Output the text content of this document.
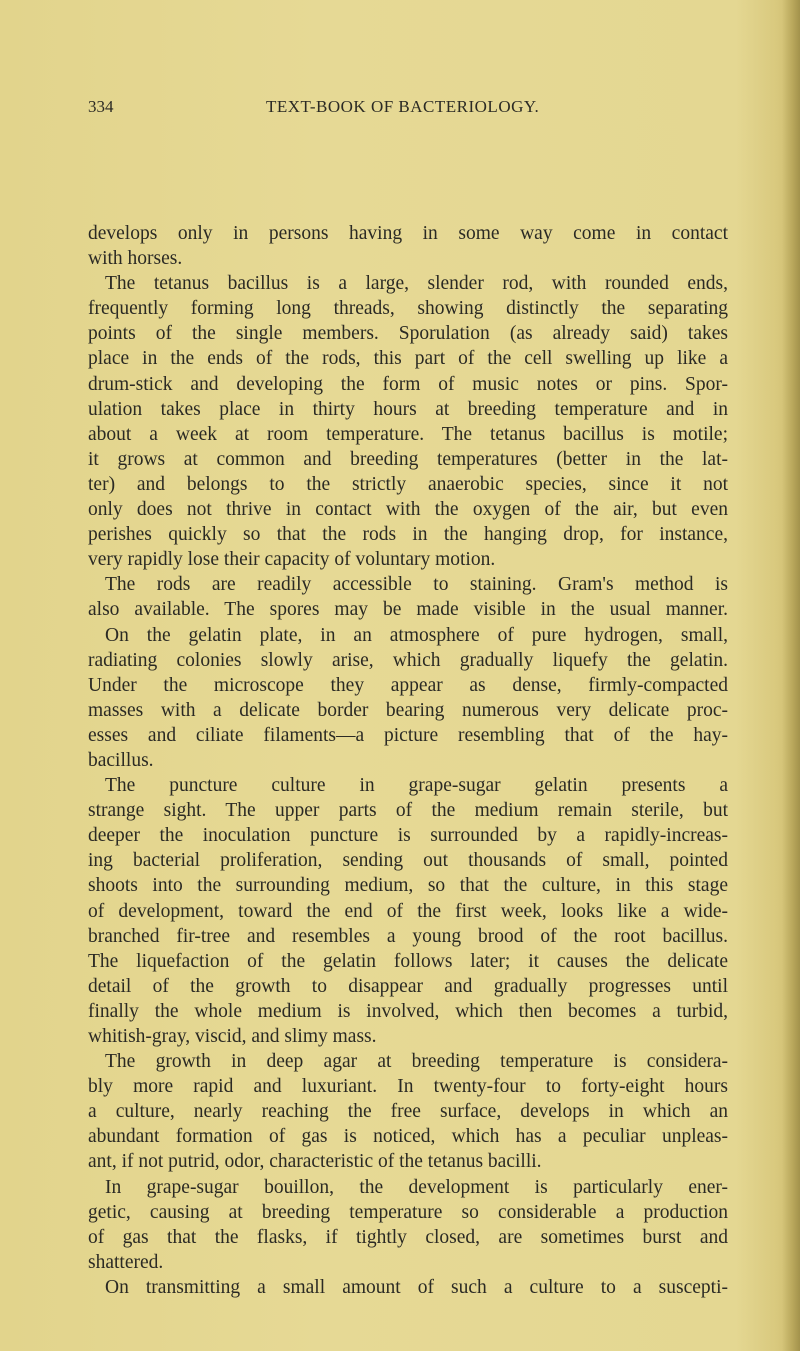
334	TEXT-BOOK OF BACTERIOLOGY.
develops only in persons having in some way come in contact
with horses.
The tetanus bacillus is a large, slender rod, with rounded ends,
frequently forming long threads, showing distinctly the separating
points of the single members. Sporulation (as already said) takes
place in the ends of the rods, this part of the cell swelling up like a
drum-stick and developing the form of music notes or pins. Spor-
ulation takes place in thirty hours at breeding temperature and in
about a week at room temperature. The tetanus bacillus is motile;
it grows at common and breeding temperatures (better in the lat-
ter) and belongs to the strictly anaerobic species, since it not
only does not thrive in contact with the oxygen of the air, but even
perishes quickly so that the rods in the hanging drop, for instance,
very rapidly lose their capacity of voluntary motion.
The rods are readily accessible to staining. Gram's method is
also available. The spores may be made visible in the usual manner.
On the gelatin plate, in an atmosphere of pure hydrogen, small,
radiating colonies slowly arise, which gradually liquefy the gelatin.
Under the microscope they appear as dense, firmly-compacted
masses with a delicate border bearing numerous very delicate proc-
esses and ciliate filaments—a picture resembling that of the hay-
bacillus.
The puncture culture in grape-sugar gelatin presents a
strange sight. The upper parts of the medium remain sterile, but
deeper the inoculation puncture is surrounded by a rapidly-increas-
ing bacterial proliferation, sending out thousands of small, pointed
shoots into the surrounding medium, so that the culture, in this stage
of development, toward the end of the first week, looks like a wide-
branched fir-tree and resembles a young brood of the root bacillus.
The liquefaction of the gelatin follows later; it causes the delicate
detail of the growth to disappear and gradually progresses until
finally the whole medium is involved, which then becomes a turbid,
whitish-gray, viscid, and slimy mass.
The growth in deep agar at breeding temperature is considera-
bly more rapid and luxuriant. In twenty-four to forty-eight hours
a culture, nearly reaching the free surface, develops in which an
abundant formation of gas is noticed, which has a peculiar unpleas-
ant, if not putrid, odor, characteristic of the tetanus bacilli.
In grape-sugar bouillon, the development is particularly ener-
getic, causing at breeding temperature so considerable a production
of gas that the flasks, if tightly closed, are sometimes burst and
shattered.
On transmitting a small amount of such a culture to a suscepti-
